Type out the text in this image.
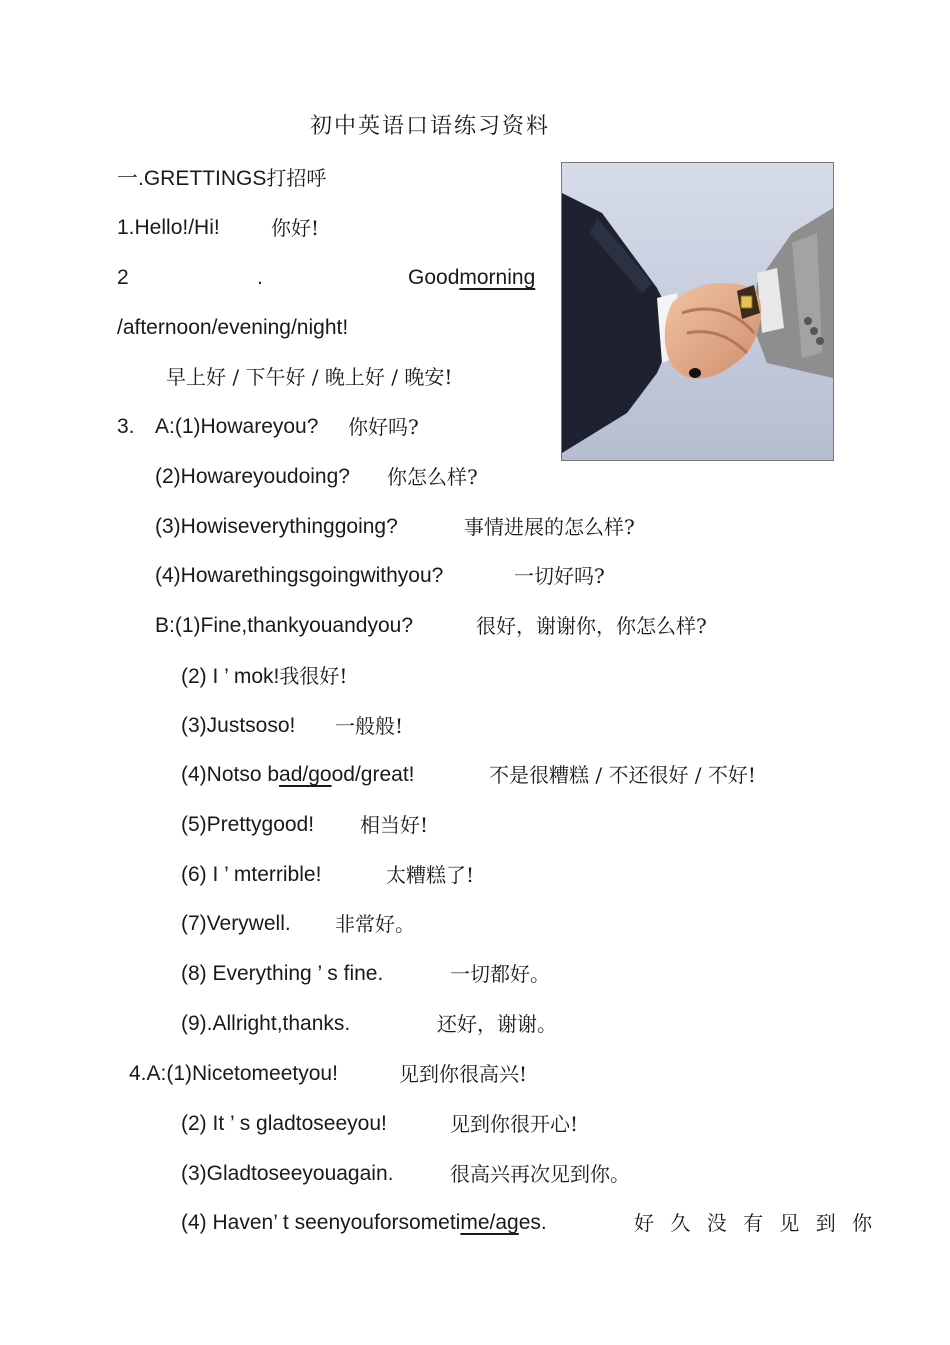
初中英语口语练习资料
一.GRETTINGS打招呼
1.Hello!/Hi!	你好!
2	.	Goodmorning
/afternoon/evening/night!
早上好 / 下午好 / 晚上好 / 晚安!
3. A:(1)Howareyou? 你好吗?
(2)Howareyoudoing? 你怎么样?
(3)Howiseverythinggoing?	事情进展的怎么样?
(4)Howarethingsgoingwithyou?	一切好吗?
B:(1)Fine,thankyouandyou?	很好，谢谢你，你怎么样?
(2) I ’ mok!我很好!
(3)Justsoso! 一般般!
(4)Notso bad/good/great!	不是很糟糕 / 不还很好 / 不好!
(5)Prettygood! 相当好!
(6) I ’ mterrible!	太糟糕了!
(7)Verywell. 非常好。
(8) Everything ’ s fine.	一切都好。
(9).Allright,thanks.	还好，谢谢。
4.A:(1)Nicetomeetyou!	见到你很高兴!
(2) It ’ s gladtoseeyou!	见到你很开心!
(3)Gladtoseeyouagain.	很高兴再次见到你。
(4) Haven’ t seenyouforsometime/ages.	好 久 没 有 见 到 你
